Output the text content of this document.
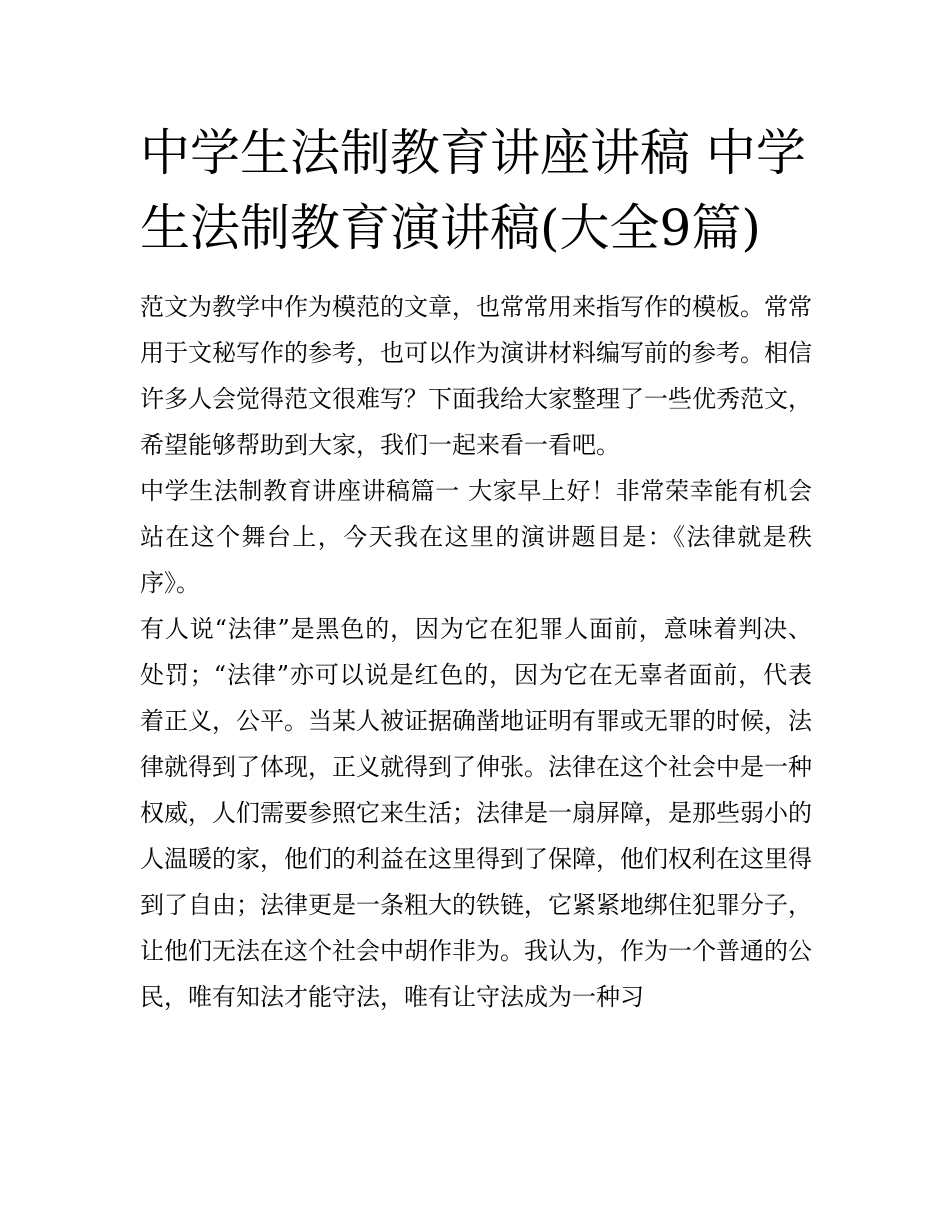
中学生法制教育讲座讲稿 中学生法制教育演讲稿(大全9篇)

范文为教学中作为模范的文章，也常常用来指写作的模板。常常用于文秘写作的参考，也可以作为演讲材料编写前的参考。相信许多人会觉得范文很难写？下面我给大家整理了一些优秀范文，希望能够帮助到大家，我们一起来看一看吧。

中学生法制教育讲座讲稿篇一 大家早上好！非常荣幸能有机会站在这个舞台上，今天我在这里的演讲题目是：《法律就是秩序》。

有人说“法律”是黑色的，因为它在犯罪人面前，意味着判决、处罚；“法律”亦可以说是红色的，因为它在无辜者面前，代表着正义，公平。当某人被证据确凿地证明有罪或无罪的时候，法律就得到了体现，正义就得到了伸张。法律在这个社会中是一种权威，人们需要参照它来生活；法律是一扇屏障，是那些弱小的人温暖的家，他们的利益在这里得到了保障，他们权利在这里得到了自由；法律更是一条粗大的铁链，它紧紧地绑住犯罪分子，让他们无法在这个社会中胡作非为。我认为，作为一个普通的公民，唯有知法才能守法，唯有让守法成为一种习
